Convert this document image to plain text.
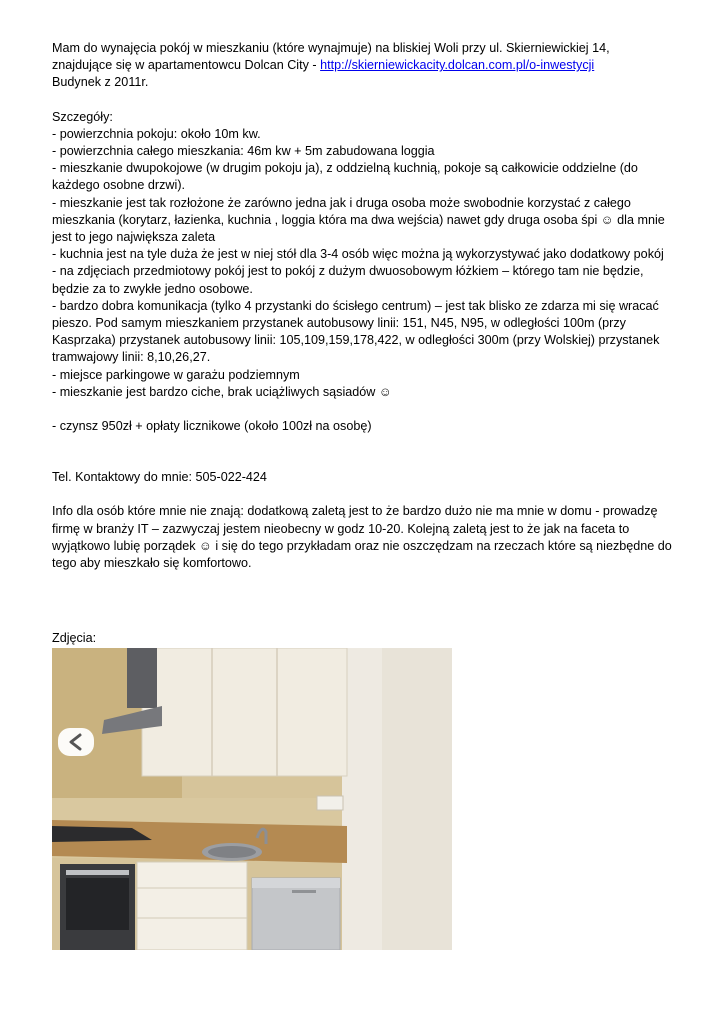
Mam do wynajęcia pokój w mieszkaniu (które wynajmuje) na bliskiej Woli przy ul. Skierniewickiej 14, znajdujące się w apartamentowcu Dolcan City - http://skierniewickacity.dolcan.com.pl/o-inwestycji

Budynek z 2011r.

Szczegóły:

- powierzchnia pokoju: około 10m kw.

- powierzchnia całego mieszkania: 46m kw + 5m zabudowana loggia

- mieszkanie dwupokojowe (w drugim pokoju ja), z oddzielną kuchnią, pokoje są całkowicie oddzielne (do każdego osobne drzwi).

- mieszkanie jest tak rozłożone że zarówno jedna jak i druga osoba może swobodnie korzystać z całego mieszkania (korytarz, łazienka, kuchnia , loggia która ma dwa wejścia) nawet gdy druga osoba śpi ☺ dla mnie jest to jego największa zaleta

- kuchnia jest na tyle duża że jest w niej stół dla 3-4 osób więc można ją wykorzystywać jako dodatkowy pokój

- na zdjęciach przedmiotowy pokój jest to pokój z dużym dwuosobowym łóżkiem – którego tam nie będzie, będzie za to zwykłe jedno osobowe.

- bardzo dobra komunikacja (tylko 4 przystanki do ścisłego centrum) – jest tak blisko ze zdarza mi się wracać pieszo. Pod samym mieszkaniem przystanek autobusowy linii: 151, N45, N95, w odległości 100m (przy Kasprzaka) przystanek autobusowy linii: 105,109,159,178,422, w odległości 300m (przy Wolskiej) przystanek tramwajowy linii: 8,10,26,27.

- miejsce parkingowe w garażu podziemnym

- mieszkanie jest bardzo ciche, brak uciążliwych sąsiadów ☺

- czynsz 950zł + opłaty licznikowe (około 100zł na osobę)

Tel. Kontaktowy do mnie: 505-022-424

Info dla osób które mnie nie znają: dodatkową zaletą jest to że bardzo dużo nie ma mnie w domu - prowadzę firmę w branży IT – zazwyczaj jestem nieobecny w godz 10-20. Kolejną zaletą jest to że jak na faceta to wyjątkowo lubię porządek ☺ i się do tego przykładam oraz nie oszczędzam na rzeczach które są niezbędne do tego aby mieszkało się komfortowo.

Zdjęcia:
